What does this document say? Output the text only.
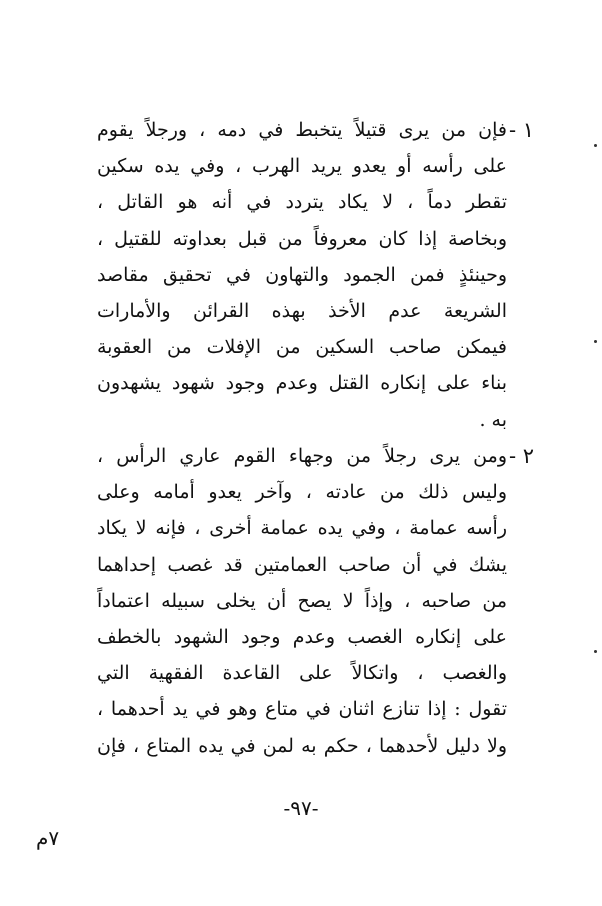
١ -
فإن من يرى قتيلاً يتخبط في دمه ، ورجلاً يقوم
على رأسه أو يعدو يريد الهرب ، وفي يده سكين
تقطر دماً ، لا يكاد يتردد في أنه هو القاتل ،
وبخاصة إذا كان معروفاً من قبل بعداوته للقتيل ،
وحينئذٍ فمن الجمود والتهاون في تحقيق مقاصد
الشريعة عدم الأخذ بهذه القرائن والأمارات
فيمكن صاحب السكين من الإفلات من العقوبة
بناء على إنكاره القتل وعدم وجود شهود يشهدون
به .
٢ -
ومن يرى رجلاً من وجهاء القوم عاري الرأس ،
وليس ذلك من عادته ، وآخر يعدو أمامه وعلى
رأسه عمامة ، وفي يده عمامة أخرى ، فإنه لا يكاد
يشك في أن صاحب العمامتين قد غصب إحداهما
من صاحبه ، وإذاً لا يصح أن يخلى سبيله اعتماداً
على إنكاره الغصب وعدم وجود الشهود بالخطف
والغصب ، واتكالاً على القاعدة الفقهية التي
تقول : إذا تنازع اثنان في متاع وهو في يد أحدهما ،
ولا دليل لأحدهما ، حكم به لمن في يده المتاع ، فإن
-٩٧-
٧م
